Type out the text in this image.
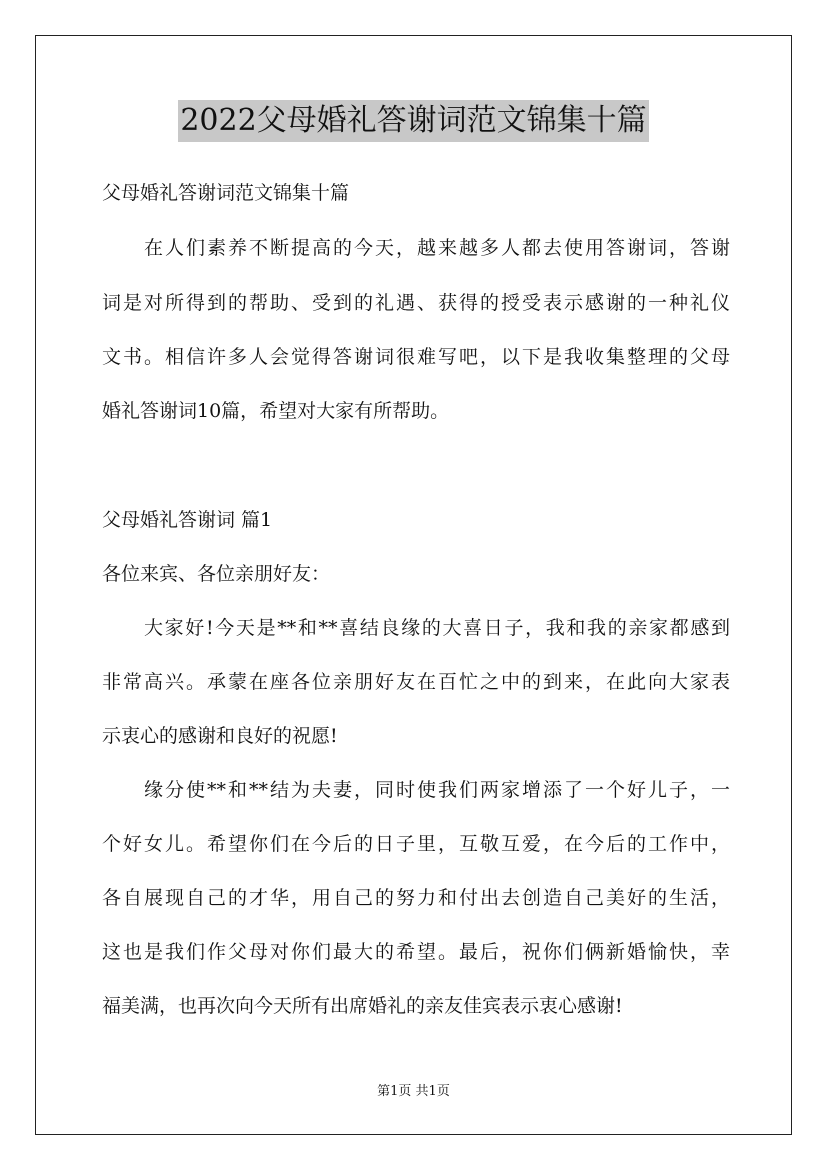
2022父母婚礼答谢词范文锦集十篇
父母婚礼答谢词范文锦集十篇
在人们素养不断提高的今天，越来越多人都去使用答谢词，答谢
词是对所得到的帮助、受到的礼遇、获得的授受表示感谢的一种礼仪
文书。相信许多人会觉得答谢词很难写吧，以下是我收集整理的父母
婚礼答谢词10篇，希望对大家有所帮助。
父母婚礼答谢词 篇1
各位来宾、各位亲朋好友：
大家好!今天是**和**喜结良缘的大喜日子，我和我的亲家都感到
非常高兴。承蒙在座各位亲朋好友在百忙之中的到来，在此向大家表
示衷心的感谢和良好的祝愿!
缘分使**和**结为夫妻，同时使我们两家增添了一个好儿子，一
个好女儿。希望你们在今后的日子里，互敬互爱，在今后的工作中，
各自展现自己的才华，用自己的努力和付出去创造自己美好的生活，
这也是我们作父母对你们最大的希望。最后，祝你们俩新婚愉快，幸
福美满，也再次向今天所有出席婚礼的亲友佳宾表示衷心感谢!
第1页 共1页
